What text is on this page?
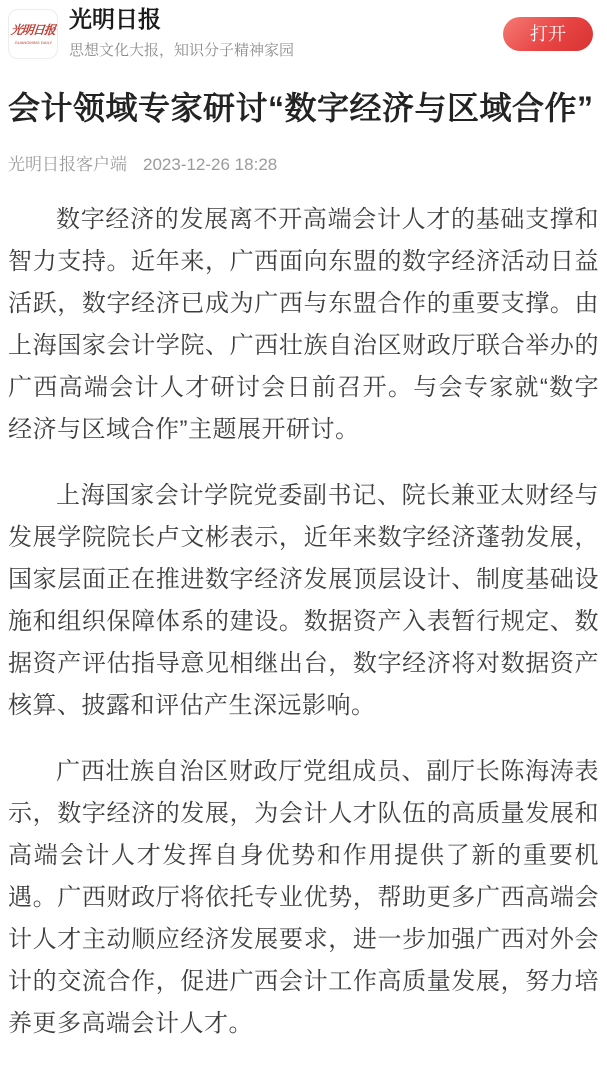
光明日报
GUANGMING DAILY
光明日报
思想文化大报，知识分子精神家园
打开
会计领域专家研讨“数字经济与区域合作”
光明日报客户端 2023-12-26 18:28

数字经济的发展离不开高端会计人才的基础支撑和智力支持。近年来，广西面向东盟的数字经济活动日益活跃，数字经济已成为广西与东盟合作的重要支撑。由上海国家会计学院、广西壮族自治区财政厅联合举办的广西高端会计人才研讨会日前召开。与会专家就“数字经济与区域合作”主题展开研讨。

上海国家会计学院党委副书记、院长兼亚太财经与发展学院院长卢文彬表示，近年来数字经济蓬勃发展，国家层面正在推进数字经济发展顶层设计、制度基础设施和组织保障体系的建设。数据资产入表暂行规定、数据资产评估指导意见相继出台，数字经济将对数据资产核算、披露和评估产生深远影响。

广西壮族自治区财政厅党组成员、副厅长陈海涛表示，数字经济的发展，为会计人才队伍的高质量发展和高端会计人才发挥自身优势和作用提供了新的重要机遇。广西财政厅将依托专业优势，帮助更多广西高端会计人才主动顺应经济发展要求，进一步加强广西对外会计的交流合作，促进广西会计工作高质量发展，努力培养更多高端会计人才。
